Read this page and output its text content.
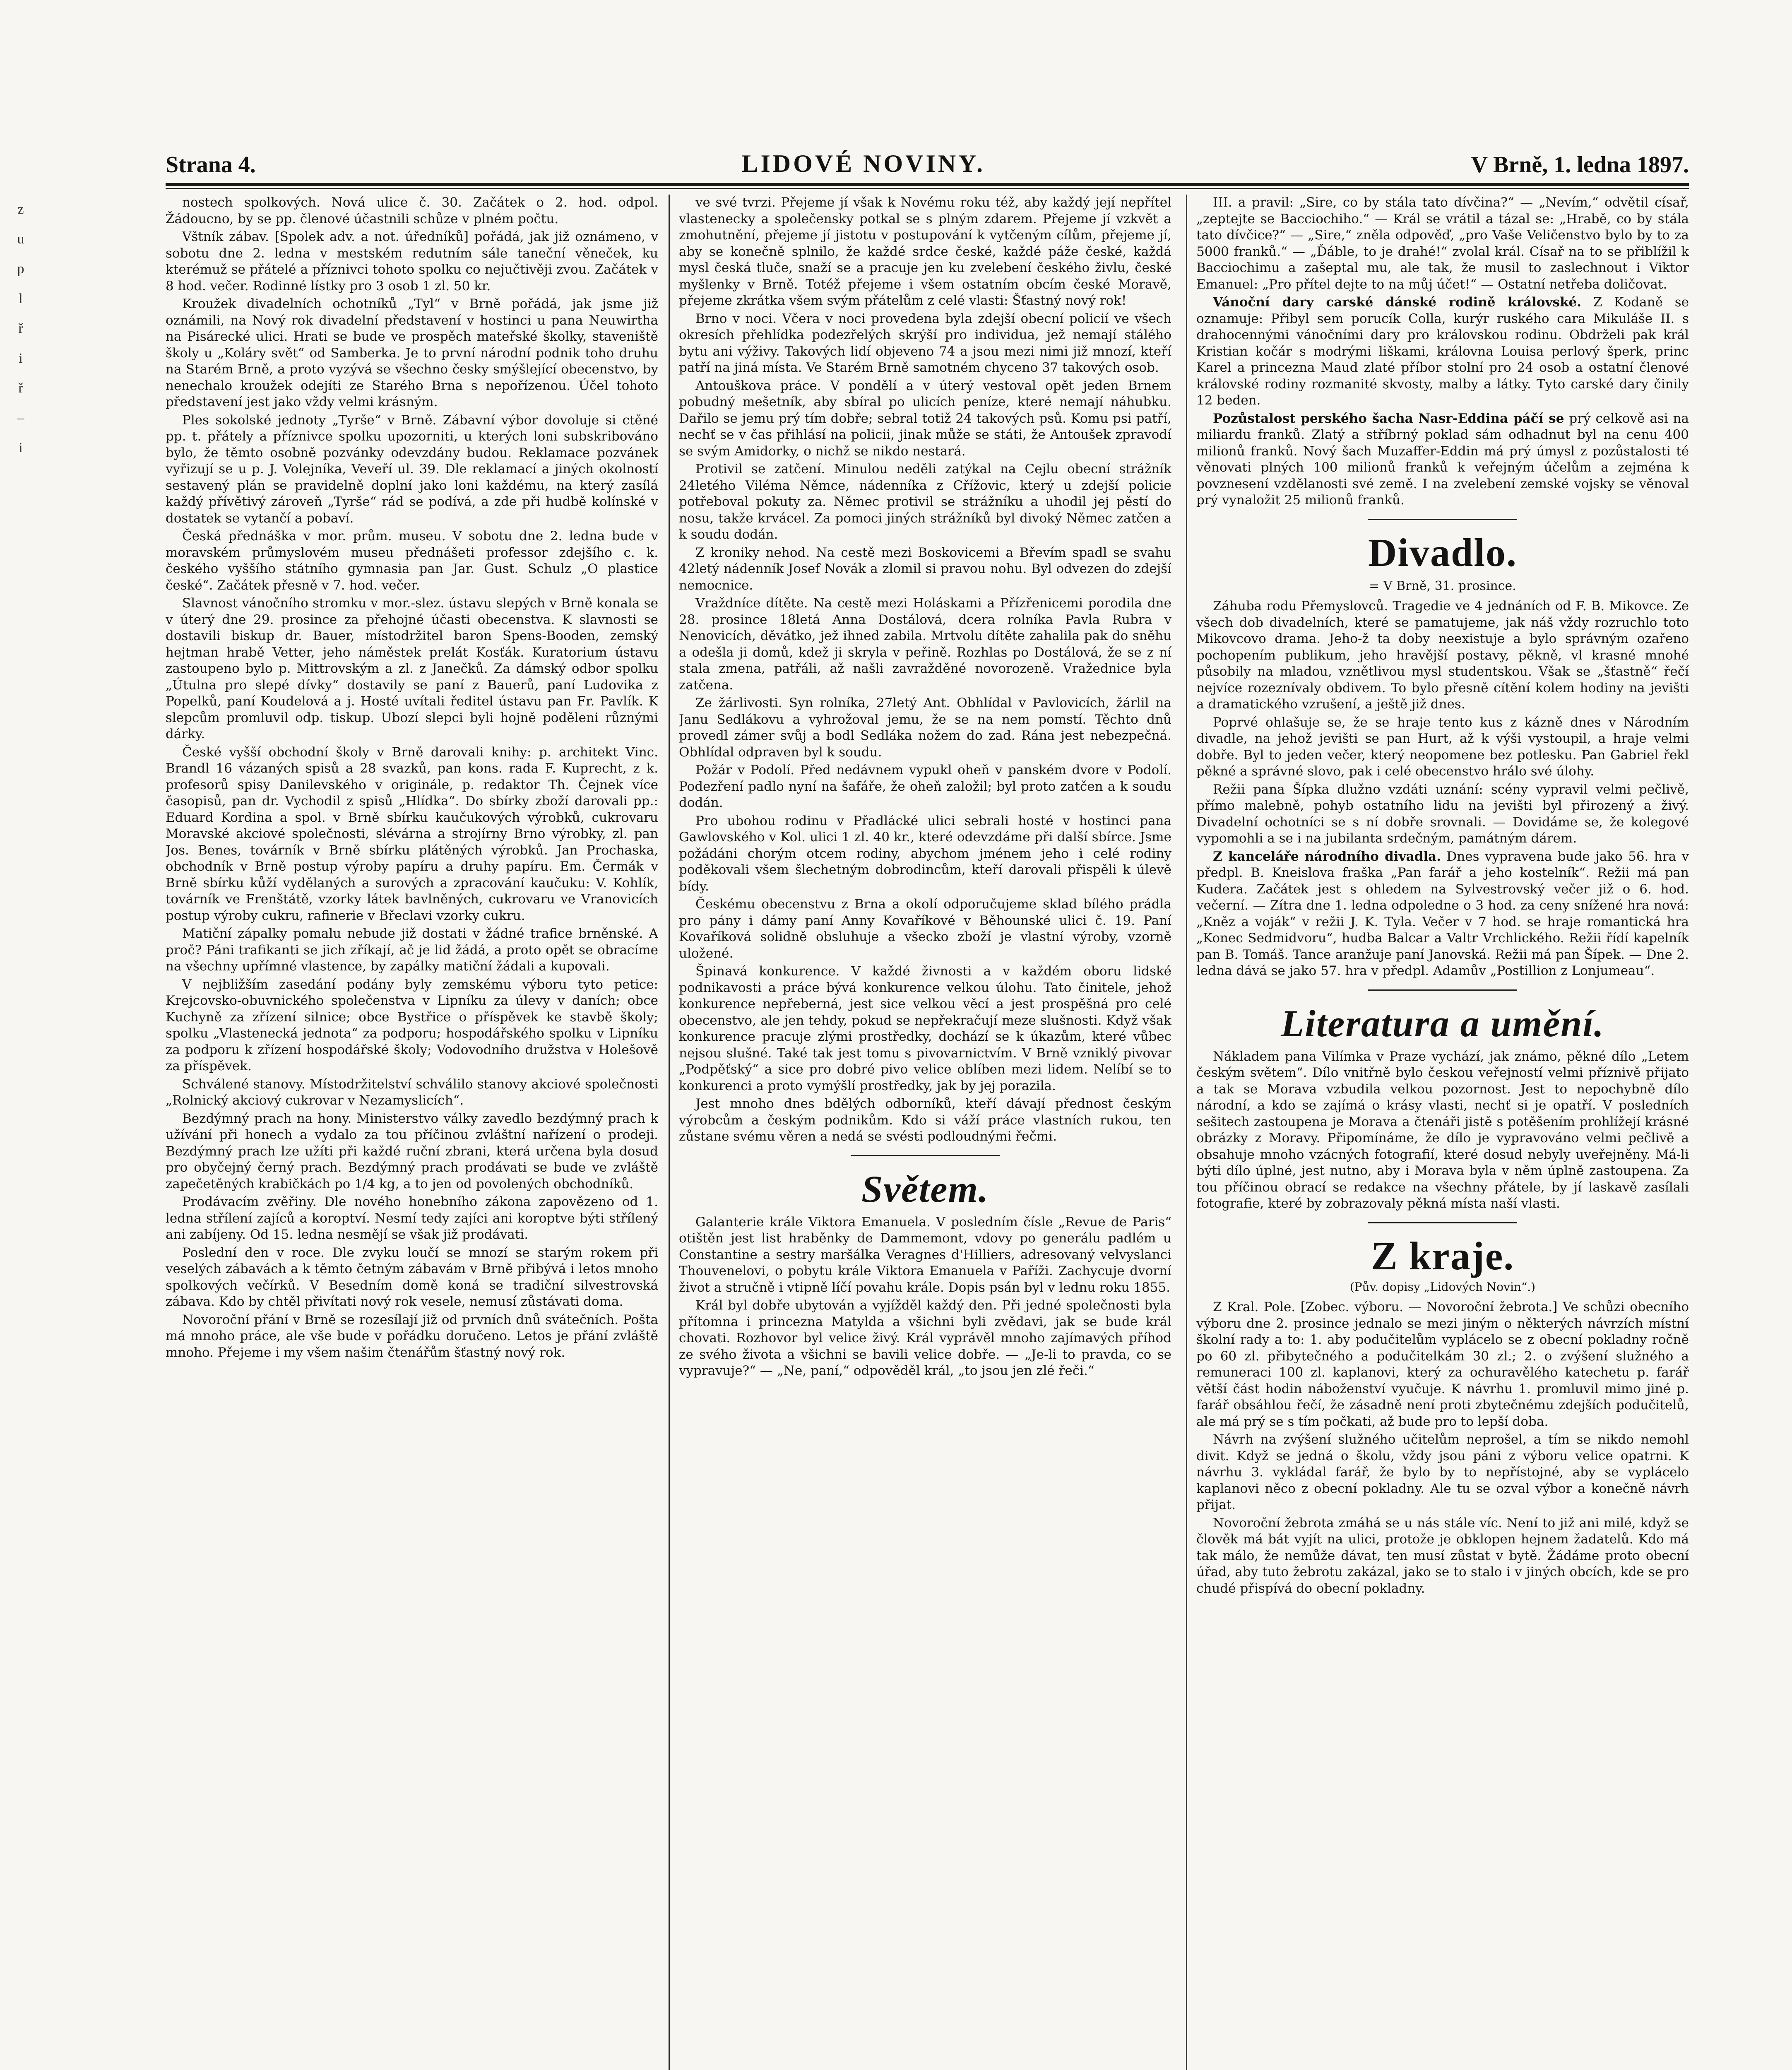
Strana 4.	LIDOVÉ NOVINY.	V Brně, 1. ledna 1897.

nostech spolkových. Nová ulice č. 30. Začátek o 2. hod. odpol. Žádoucno, by se pp. členové účastnili schůze v plném počtu.

Vštník zábav. [Spolek adv. a not. úředníků] pořádá, jak již oznámeno, v sobotu dne 2. ledna v mestském redutním sále taneční věneček, ku kterémuž se přátelé a příznivci tohoto spolku co nejučtivěji zvou. Začátek v 8 hod. večer. Rodinné lístky pro 3 osob 1 zl. 50 kr.

Kroužek divadelních ochotníků „Tyl“ v Brně pořádá, jak jsme již oznámili, na Nový rok divadelní představení v hostinci u pana Neuwirtha na Pisárecké ulici. Hrati se bude ve prospěch mateřské školky, staveniště školy u „Koláry svět“ od Samberka. Je to první národní podnik toho druhu na Starém Brně, a proto vyzývá se všechno česky smýšlející obecenstvo, by nenechalo kroužek odejíti ze Starého Brna s nepořízenou. Účel tohoto představení jest jako vždy velmi krásným.

Ples sokolské jednoty „Tyrše“ v Brně. Zábavní výbor dovoluje si ctěné pp. t. přátely a příznivce spolku upozorniti, u kterých loni subskribováno bylo, že těmto osobně pozvánky odevzdány budou. Reklamace pozvánek vyřizují se u p. J. Volejníka, Veveří ul. 39. Dle reklamací a jiných okolností sestavený plán se pravidelně doplní jako loni každému, na který zasílá každý přívětivý zároveň „Tyrše“ rád se podívá, a zde při hudbě kolínské v dostatek se vytančí a pobaví.

Česká přednáška v mor. prům. museu. V sobotu dne 2. ledna bude v moravském průmyslovém museu přednášeti professor zdejšího c. k. českého vyššího státního gymnasia pan Jar. Gust. Schulz „O plastice české“. Začátek přesně v 7. hod. večer.

Slavnost vánočního stromku v mor.-slez. ústavu slepých v Brně konala se v úterý dne 29. prosince za přehojné účasti obecenstva. K slavnosti se dostavili biskup dr. Bauer, místodržitel baron Spens-Booden, zemský hejtman hrabě Vetter, jeho náměstek prelát Kosťák. Kuratorium ústavu zastoupeno bylo p. Mittrovským a zl. z Janečků. Za dámský odbor spolku „Útulna pro slepé dívky“ dostavily se paní z Bauerů, paní Ludovika z Popelků, paní Koudelová a j. Hosté uvítali ředitel ústavu pan Fr. Pavlík. K slepcům promluvil odp. tiskup. Ubozí slepci byli hojně poděleni různými dárky.

České vyšší obchodní školy v Brně darovali knihy: p. architekt Vinc. Brandl 16 vázaných spisů a 28 svazků, pan kons. rada F. Kuprecht, z k. profesorů spisy Danilevského v originále, p. redaktor Th. Čejnek více časopisů, pan dr. Vychodil z spisů „Hlídka“. Do sbírky zboží darovali pp.: Eduard Kordina a spol. v Brně sbírku kaučukových výrobků, cukrovaru Moravské akciové společnosti, slévárna a strojírny Brno výrobky, zl. pan Jos. Benes, továrník v Brně sbírku plátěných výrobků. Jan Prochaska, obchodník v Brně postup výroby papíru a druhy papíru. Em. Čermák v Brně sbírku kůží vydělaných a surových a zpracování kaučuku: V. Kohlík, továrník ve Frenštátě, vzorky látek bavlněných, cukrovaru ve Vranovicích postup výroby cukru, rafinerie v Břeclavi vzorky cukru.

Matiční zápalky pomalu nebude již dostati v žádné trafice brněnské. A proč? Páni trafikanti se jich zříkají, ač je lid žádá, a proto opět se obracíme na všechny upřímné vlastence, by zapálky matiční žádali a kupovali.

V nejbližším zasedání podány byly zemskému výboru tyto petice: Krejcovsko-obuvnického společenstva v Lipníku za úlevy v daních; obce Kuchyně za zřízení silnice; obce Bystřice o příspěvek ke stavbě školy; spolku „Vlastenecká jednota“ za podporu; hospodářského spolku v Lipníku za podporu k zřízení hospodářské školy; Vodovodního družstva v Holešově za příspěvek.

Schválené stanovy. Místodržitelství schválilo stanovy akciové společnosti „Rolnický akciový cukrovar v Nezamyslicích“.

Bezdýmný prach na hony. Ministerstvo války zavedlo bezdýmný prach k užívání při honech a vydalo za tou příčinou zvláštní nařízení o prodeji. Bezdýmný prach lze užíti při každé ruční zbrani, která určena byla dosud pro obyčejný černý prach. Bezdýmný prach prodávati se bude ve zvláště zapečetěných krabičkách po 1/4 kg, a to jen od povolených obchodníků.

Prodávacím zvěřiny. Dle nového honebního zákona zapovězeno od 1. ledna střílení zajíců a koroptví. Nesmí tedy zajíci ani koroptve býti střílený ani zabíjeny. Od 15. ledna nesmějí se však již prodávati.

Poslední den v roce. Dle zvyku loučí se mnozí se starým rokem při veselých zábavách a k těmto četným zábavám v Brně přibývá i letos mnoho spolkových večírků. V Besedním domě koná se tradiční silvestrovská zábava. Kdo by chtěl přivítati nový rok vesele, nemusí zůstávati doma.

Novoroční přání v Brně se rozesílají již od prvních dnů svátečních. Pošta má mnoho práce, ale vše bude v pořádku doručeno. Letos je přání zvláště mnoho. Přejeme i my všem našim čtenářům šťastný nový rok.

ve své tvrzi. Přejeme jí však k Novému roku též, aby každý její nepřítel vlastenecky a společensky potkal se s plným zdarem. Přejeme jí vzkvět a zmohutnění, přejeme jí jistotu v postupování k vytčeným cílům, přejeme jí, aby se konečně splnilo, že každé srdce české, každé páže české, každá mysl česká tluče, snaží se a pracuje jen ku zvelebení českého živlu, české myšlenky v Brně. Totéž přejeme i všem ostatním obcím české Moravě, přejeme zkrátka všem svým přátelům z celé vlasti: Šťastný nový rok!

Brno v noci. Včera v noci provedena byla zdejší obecní policií ve všech okresích přehlídka podezřelých skrýší pro individua, jež nemají stálého bytu ani výživy. Takových lidí objeveno 74 a jsou mezi nimi již mnozí, kteří patří na jiná místa. Ve Starém Brně samotném chyceno 37 takových osob.

Antouškova práce. V pondělí a v úterý vestoval opět jeden Brnem pobudný mešetník, aby sbíral po ulicích peníze, které nemají náhubku. Dařilo se jemu prý tím dobře; sebral totiž 24 takových psů. Komu psi patří, nechť se v čas přihlásí na policii, jinak může se státi, že Antoušek zpravodí se svým Amidorky, o nichž se nikdo nestará.

Protivil se zatčení. Minulou neděli zatýkal na Cejlu obecní strážník 24letého Viléma Němce, nádenníka z Cřížovic, který u zdejší policie potřeboval pokuty za. Němec protivil se strážníku a uhodil jej pěstí do nosu, takže krvácel. Za pomoci jiných strážníků byl divoký Němec zatčen a k soudu dodán.

Z kroniky nehod. Na cestě mezi Boskovicemi a Břevím spadl se svahu 42letý nádenník Josef Novák a zlomil si pravou nohu. Byl odvezen do zdejší nemocnice.

Vraždníce dítěte. Na cestě mezi Holáskami a Přízřenicemi porodila dne 28. prosince 18letá Anna Dostálová, dcera rolníka Pavla Rubra v Nenovicích, děvátko, jež ihned zabila. Mrtvolu dítěte zahalila pak do sněhu a odešla ji domů, kdež ji skryla v peřině. Rozhlas po Dostálová, že se z ní stala zmena, patřáli, až našli zavražděné novorozeně. Vražednice byla zatčena.

Ze žárlivosti. Syn rolníka, 27letý Ant. Obhlídal v Pavlovicích, žárlil na Janu Sedlákovu a vyhrožoval jemu, že se na nem pomstí. Těchto dnů provedl zámer svůj a bodl Sedláka nožem do zad. Rána jest nebezpečná. Obhlídal odpraven byl k soudu.

Požár v Podolí. Před nedávnem vypukl oheň v panském dvore v Podolí. Podezření padlo nyní na šafáře, že oheň založil; byl proto zatčen a k soudu dodán.

Pro ubohou rodinu v Přadlácké ulici sebrali hosté v hostinci pana Gawlovského v Kol. ulici 1 zl. 40 kr., které odevzdáme při další sbírce. Jsme požádáni chorým otcem rodiny, abychom jménem jeho i celé rodiny poděkovali všem šlechetným dobrodincům, kteří darovali přispěli k úlevě bídy.

Českému obecenstvu z Brna a okolí odporučujeme sklad bílého prádla pro pány i dámy paní Anny Kovaříkové v Běhounské ulici č. 19. Paní Kovaříková solidně obsluhuje a všecko zboží je vlastní výroby, vzorně uložené.

Špinavá konkurence. V každé živnosti a v každém oboru lidské podnikavosti a práce bývá konkurence velkou úlohu. Tato činitele, jehož konkurence nepřeberná, jest sice velkou věcí a jest prospěšná pro celé obecenstvo, ale jen tehdy, pokud se nepřekračují meze slušnosti. Když však konkurence pracuje zlými prostředky, dochází se k úkazům, které vůbec nejsou slušné. Také tak jest tomu s pivovarnictvím. V Brně vzniklý pivovar „Podpěťský“ a sice pro dobré pivo velice oblíben mezi lidem. Nelíbí se to konkurenci a proto vymýšlí prostředky, jak by jej porazila.

Jest mnoho dnes bdělých odborníků, kteří dávají přednost českým výrobcům a českým podnikům. Kdo si váží práce vlastních rukou, ten zůstane svému věren a nedá se svésti podloudnými řečmi.

Světem.

Galanterie krále Viktora Emanuela. V posledním čísle „Revue de Paris“ otištěn jest list hraběnky de Dammemont, vdovy po generálu padlém u Constantine a sestry maršálka Veragnes d'Hilliers, adresovaný velvyslanci Thouvenelovi, o pobytu krále Viktora Emanuela v Paříži. Zachycuje dvorní život a stručně i vtipně líčí povahu krále. Dopis psán byl v lednu roku 1855.

Král byl dobře ubytován a vyjížděl každý den. Při jedné společnosti byla přítomna i princezna Matylda a všichni byli zvědavi, jak se bude král chovati. Rozhovor byl velice živý. Král vyprávěl mnoho zajímavých příhod ze svého života a všichni se bavili velice dobře. — „Je-li to pravda, co se vypravuje?“ — „Ne, paní,“ odpověděl král, „to jsou jen zlé řeči.“

III. a pravil: „Sire, co by stála tato dívčina?“ — „Nevím,“ odvětil císař, „zeptejte se Bacciochiho.“ — Král se vrátil a tázal se: „Hrabě, co by stála tato dívčice?“ — „Sire,“ zněla odpověď, „pro Vaše Veličenstvo bylo by to za 5000 franků.“ — „Ďáble, to je drahé!“ zvolal král. Císař na to se přiblížil k Bacciochimu a zašeptal mu, ale tak, že musil to zaslechnout i Viktor Emanuel: „Pro přítel dejte to na můj účet!“ — Ostatní netřeba doličovat.

Vánoční dary carské dánské rodině královské. Z Kodaně se oznamuje: Přibyl sem porucík Colla, kurýr ruského cara Mikuláše II. s drahocennými vánočními dary pro královskou rodinu. Obdrželi pak král Kristian kočár s modrými liškami, královna Louisa perlový šperk, princ Karel a princezna Maud zlaté příbor stolní pro 24 osob a ostatní členové královské rodiny rozmanité skvosty, malby a látky. Tyto carské dary činily 12 beden.

Pozůstalost perského šacha Nasr-Eddina páčí se prý celkově asi na miliardu franků. Zlatý a stříbrný poklad sám odhadnut byl na cenu 400 milionů franků. Nový šach Muzaffer-Eddin má prý úmysl z pozůstalosti té věnovati plných 100 milionů franků k veřejným účelům a zejména k povznesení vzdělanosti své země. I na zvelebení zemské vojsky se věnoval prý vynaložit 25 milionů franků.

Divadlo.
= V Brně, 31. prosince.

Záhuba rodu Přemyslovců. Tragedie ve 4 jednáních od F. B. Mikovce. Ze všech dob divadelních, které se pamatujeme, jak náš vždy rozruchlo toto Mikovcovo drama. Jeho-ž ta doby neexistuje a bylo správným ozařeno pochopením publikum, jeho hravější postavy, pěkně, vl krasné mnohé působily na mladou, vznětlivou mysl studentskou. Však se „šťastně“ řečí nejvíce rozeznívaly obdivem. To bylo přesně cítění kolem hodiny na jevišti a dramatického vzrušení, a ještě již dnes.

Poprvé ohlašuje se, že se hraje tento kus z kázně dnes v Národním divadle, na jehož jevišti se pan Hurt, až k výši vystoupil, a hraje velmi dobře. Byl to jeden večer, který neopomene bez potlesku. Pan Gabriel řekl pěkné a správné slovo, pak i celé obecenstvo hrálo své úlohy.

Režii pana Šípka dlužno vzdáti uznání: scény vypravil velmi pečlivě, přímo malebně, pohyb ostatního lidu na jevišti byl přirozený a živý. Divadelní ochotníci se s ní dobře srovnali. — Dovidáme se, že kolegové vypomohli a se i na jubilanta srdečným, památným dárem.

Z kanceláře národního divadla. Dnes vypravena bude jako 56. hra v předpl. B. Kneislova fraška „Pan farář a jeho kostelník“. Režii má pan Kudera. Začátek jest s ohledem na Sylvestrovský večer již o 6. hod. večerní. — Zítra dne 1. ledna odpoledne o 3 hod. za ceny snížené hra nová: „Kněz a voják“ v režii J. K. Tyla. Večer v 7 hod. se hraje romantická hra „Konec Sedmidvoru“, hudba Balcar a Valtr Vrchlického. Režii řídí kapelník pan B. Tomáš. Tance aranžuje paní Janovská. Režii má pan Šípek. — Dne 2. ledna dává se jako 57. hra v předpl. Adamův „Postillion z Lonjumeau“.

Literatura a umění.

Nákladem pana Vilímka v Praze vychází, jak známo, pěkné dílo „Letem českým světem“. Dílo vnitřně bylo českou veřejností velmi příznivě přijato a tak se Morava vzbudila velkou pozornost. Jest to nepochybně dílo národní, a kdo se zajímá o krásy vlasti, nechť si je opatří. V posledních sešitech zastoupena je Morava a čtenáři jistě s potěšením prohlížejí krásné obrázky z Moravy. Připomínáme, že dílo je vypravováno velmi pečlivě a obsahuje mnoho vzácných fotografií, které dosud nebyly uveřejněny. Má-li býti dílo úplné, jest nutno, aby i Morava byla v něm úplně zastoupena. Za tou příčinou obrací se redakce na všechny přátele, by jí laskavě zasílali fotografie, které by zobrazovaly pěkná místa naší vlasti.

Z kraje.
(Pův. dopisy „Lidových Novin“.)

Z Kral. Pole. [Zobec. výboru. — Novoroční žebrota.] Ve schůzi obecního výboru dne 2. prosince jednalo se mezi jiným o některých návrzích místní školní rady a to: 1. aby podučitelům vyplácelo se z obecní pokladny ročně po 60 zl. přibytečného a podučitelkám 30 zl.; 2. o zvýšení služného a remuneraci 100 zl. kaplanovi, který za ochuravělého katechetu p. farář větší část hodin náboženství vyučuje. K návrhu 1. promluvil mimo jiné p. farář obsáhlou řečí, že zásadně není proti zbytečnému zdejších podučitelů, ale má prý se s tím počkati, až bude pro to lepší doba.

Návrh na zvýšení služného učitelům neprošel, a tím se nikdo nemohl divit. Když se jedná o školu, vždy jsou páni z výboru velice opatrni. K návrhu 3. vykládal farář, že bylo by to nepřístojné, aby se vyplácelo kaplanovi něco z obecní pokladny. Ale tu se ozval výbor a konečně návrh přijat.

Novoroční žebrota zmáhá se u nás stále víc. Není to již ani milé, když se člověk má bát vyjít na ulici, protože je obklopen hejnem žadatelů. Kdo má tak málo, že nemůže dávat, ten musí zůstat v bytě. Žádáme proto obecní úřad, aby tuto žebrotu zakázal, jako se to stalo i v jiných obcích, kde se pro chudé přispívá do obecní pokladny.

z
u
p
l
ř
i
ř
–
i
